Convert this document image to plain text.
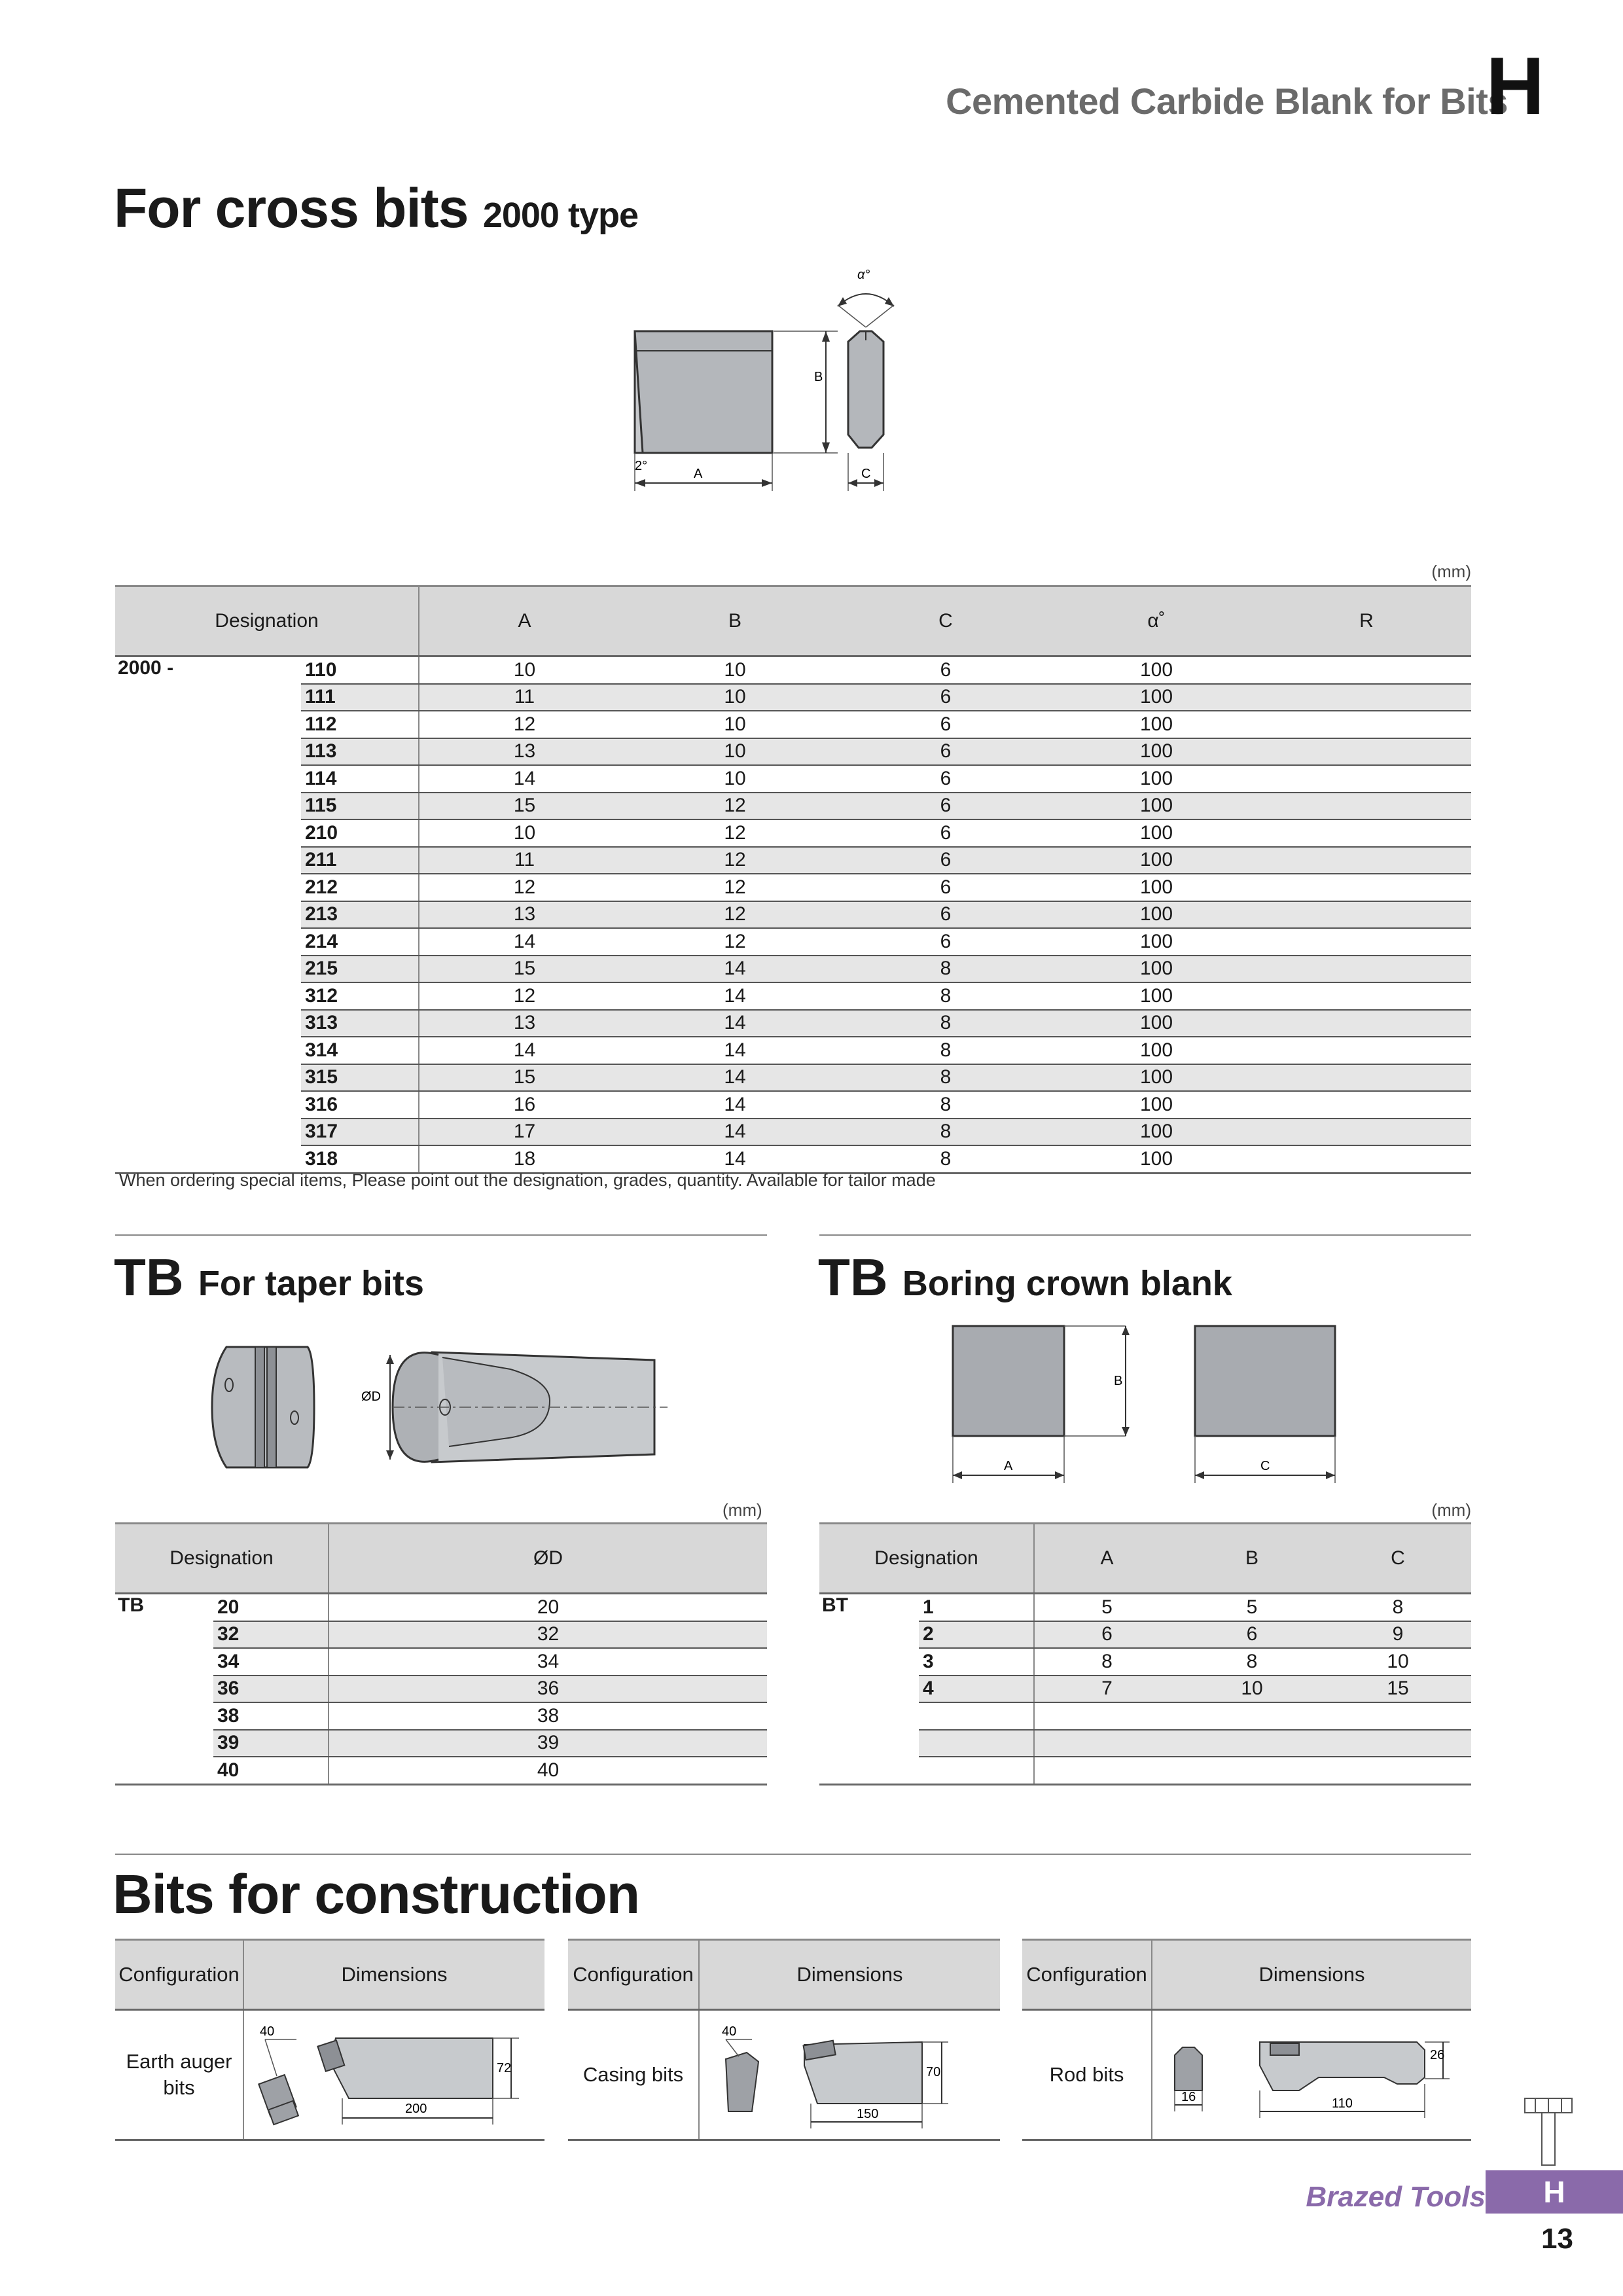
Cemented Carbide Blank for Bits
H
For cross bits 2000 type
B
A
2°
α°
C
(mm)
Designation		A	B	C	α˚	R
2000 -	110	10	10	6	100	
	111	11	10	6	100	
	112	12	10	6	100	
	113	13	10	6	100	
	114	14	10	6	100	
	115	15	12	6	100	
	210	10	12	6	100	
	211	11	12	6	100	
	212	12	12	6	100	
	213	13	12	6	100	
	214	14	12	6	100	
	215	15	14	8	100	
	312	12	14	8	100	
	313	13	14	8	100	
	314	14	14	8	100	
	315	15	14	8	100	
	316	16	14	8	100	
	317	17	14	8	100	
	318	18	14	8	100	
When ordering special items, Please point out the designation, grades, quantity. Available for tailor made
TB For taper bits
ØD
(mm)
Designation		ØD
TB	20	20
	32	32
	34	34
	36	36
	38	38
	39	39
	40	40
TB Boring crown blank
B
A	C
(mm)
Designation		A	B	C
BT	1	5	5	8
	2	6	6	9
	3	8	8	10
	4	7	10	15

Bits for construction
Configuration	Dimensions
Earth auger bits	40
72
200
Configuration	Dimensions
Casing bits	40
70
150
Configuration	Dimensions
Rod bits	16
26
110
Brazed Tools	H
13
